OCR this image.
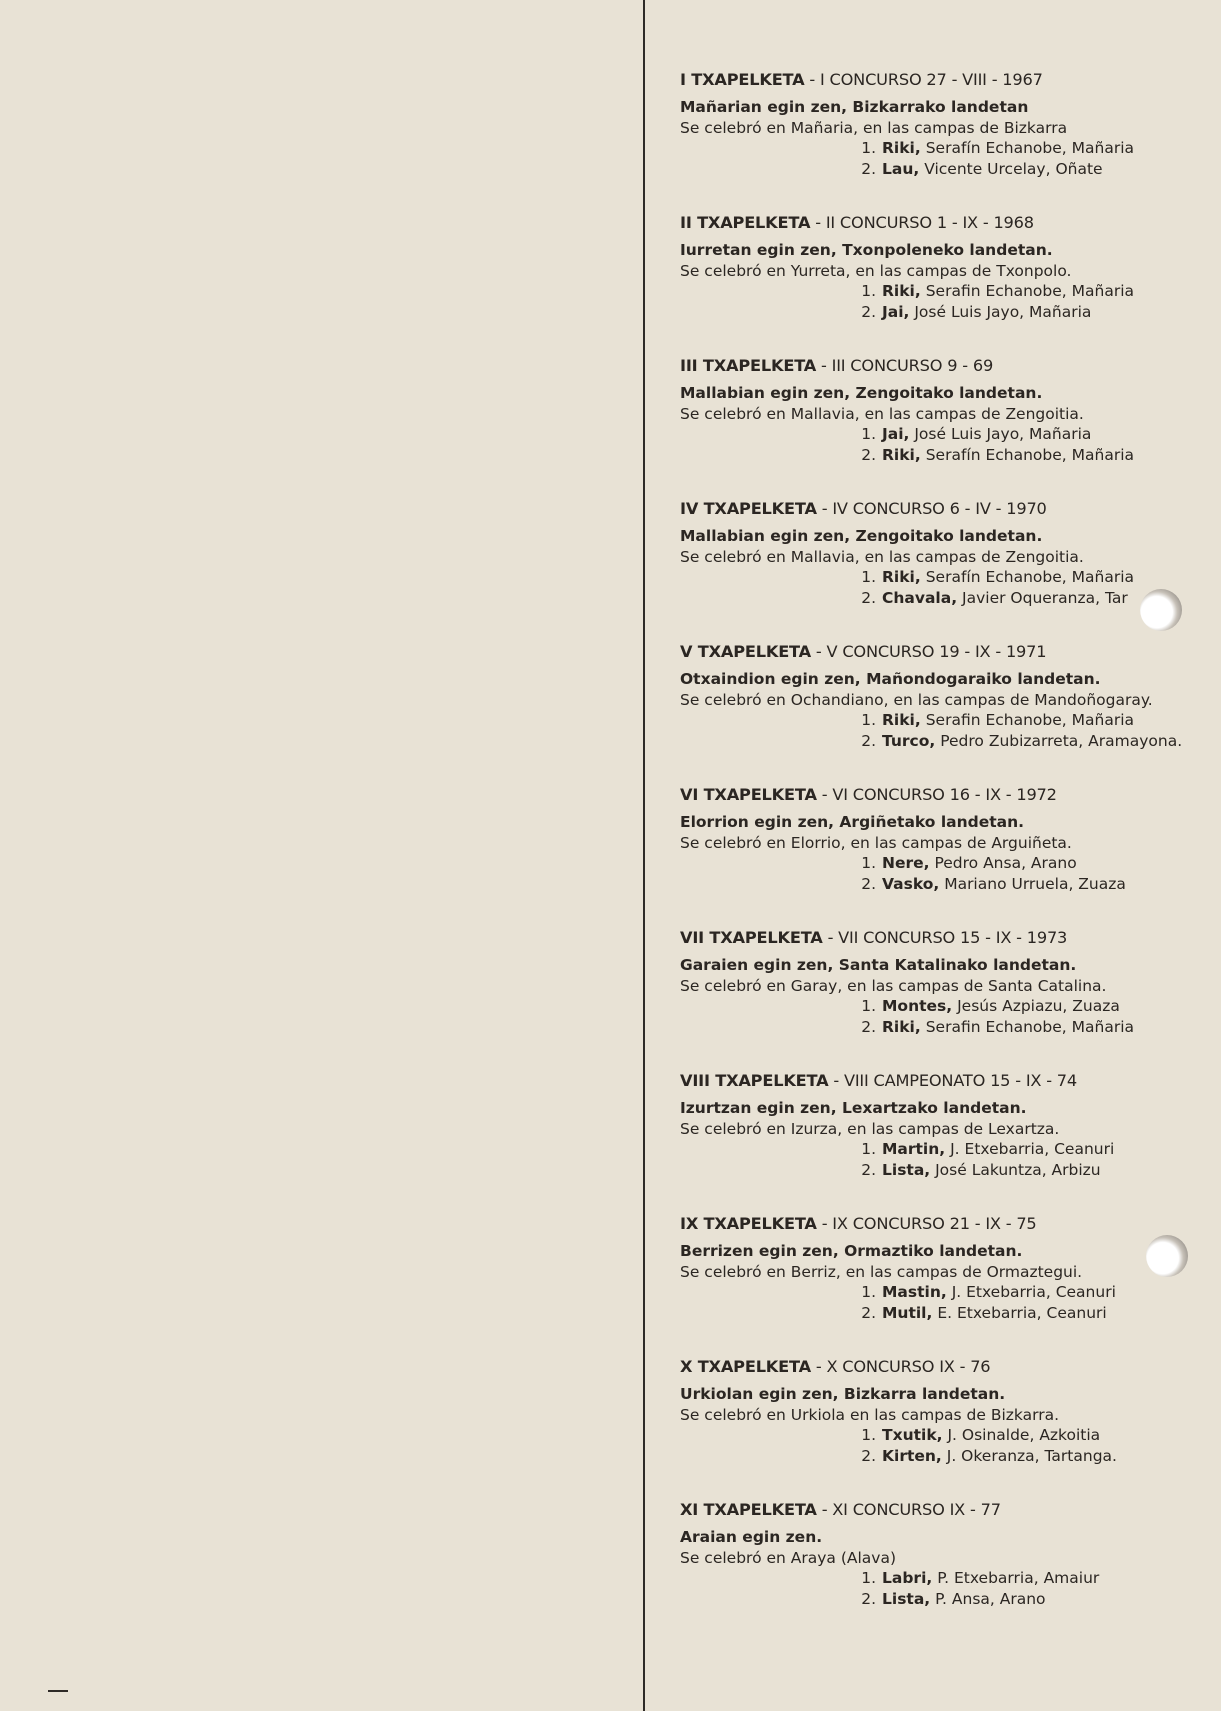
I TXAPELKETA - I CONCURSO 27 - VIII - 1967
Mañarian egin zen, Bizkarrako landetan
Se celebró en Mañaria, en las campas de Bizkarra
1. Riki, Serafín Echanobe, Mañaria
2. Lau, Vicente Urcelay, Oñate
II TXAPELKETA - II CONCURSO 1 - IX - 1968
Iurretan egin zen, Txonpoleneko landetan.
Se celebró en Yurreta, en las campas de Txonpolo.
1. Riki, Serafin Echanobe, Mañaria
2. Jai, José Luis Jayo, Mañaria
III TXAPELKETA - III CONCURSO 9 - 69
Mallabian egin zen, Zengoitako landetan.
Se celebró en Mallavia, en las campas de Zengoitia.
1. Jai, José Luis Jayo, Mañaria
2. Riki, Serafín Echanobe, Mañaria
IV TXAPELKETA - IV CONCURSO 6 - IV - 1970
Mallabian egin zen, Zengoitako landetan.
Se celebró en Mallavia, en las campas de Zengoitia.
1. Riki, Serafín Echanobe, Mañaria
2. Chavala, Javier Oqueranza, Tar
V TXAPELKETA - V CONCURSO 19 - IX - 1971
Otxaindion egin zen, Mañondogaraiko landetan.
Se celebró en Ochandiano, en las campas de Mandoñogaray.
1. Riki, Serafin Echanobe, Mañaria
2. Turco, Pedro Zubizarreta, Aramayona.
VI TXAPELKETA - VI CONCURSO 16 - IX - 1972
Elorrion egin zen, Argiñetako landetan.
Se celebró en Elorrio, en las campas de Arguiñeta.
1. Nere, Pedro Ansa, Arano
2. Vasko, Mariano Urruela, Zuaza
VII TXAPELKETA - VII CONCURSO 15 - IX - 1973
Garaien egin zen, Santa Katalinako landetan.
Se celebró en Garay, en las campas de Santa Catalina.
1. Montes, Jesús Azpiazu, Zuaza
2. Riki, Serafin Echanobe, Mañaria
VIII TXAPELKETA - VIII CAMPEONATO 15 - IX - 74
Izurtzan egin zen, Lexartzako landetan.
Se celebró en Izurza, en las campas de Lexartza.
1. Martin, J. Etxebarria, Ceanuri
2. Lista, José Lakuntza, Arbizu
IX TXAPELKETA - IX CONCURSO 21 - IX - 75
Berrizen egin zen, Ormaztiko landetan.
Se celebró en Berriz, en las campas de Ormaztegui.
1. Mastin, J. Etxebarria, Ceanuri
2. Mutil, E. Etxebarria, Ceanuri
X TXAPELKETA - X CONCURSO IX - 76
Urkiolan egin zen, Bizkarra landetan.
Se celebró en Urkiola en las campas de Bizkarra.
1. Txutik, J. Osinalde, Azkoitia
2. Kirten, J. Okeranza, Tartanga.
XI TXAPELKETA - XI CONCURSO IX - 77
Araian egin zen.
Se celebró en Araya (Alava)
1. Labri, P. Etxebarria, Amaiur
2. Lista, P. Ansa, Arano
